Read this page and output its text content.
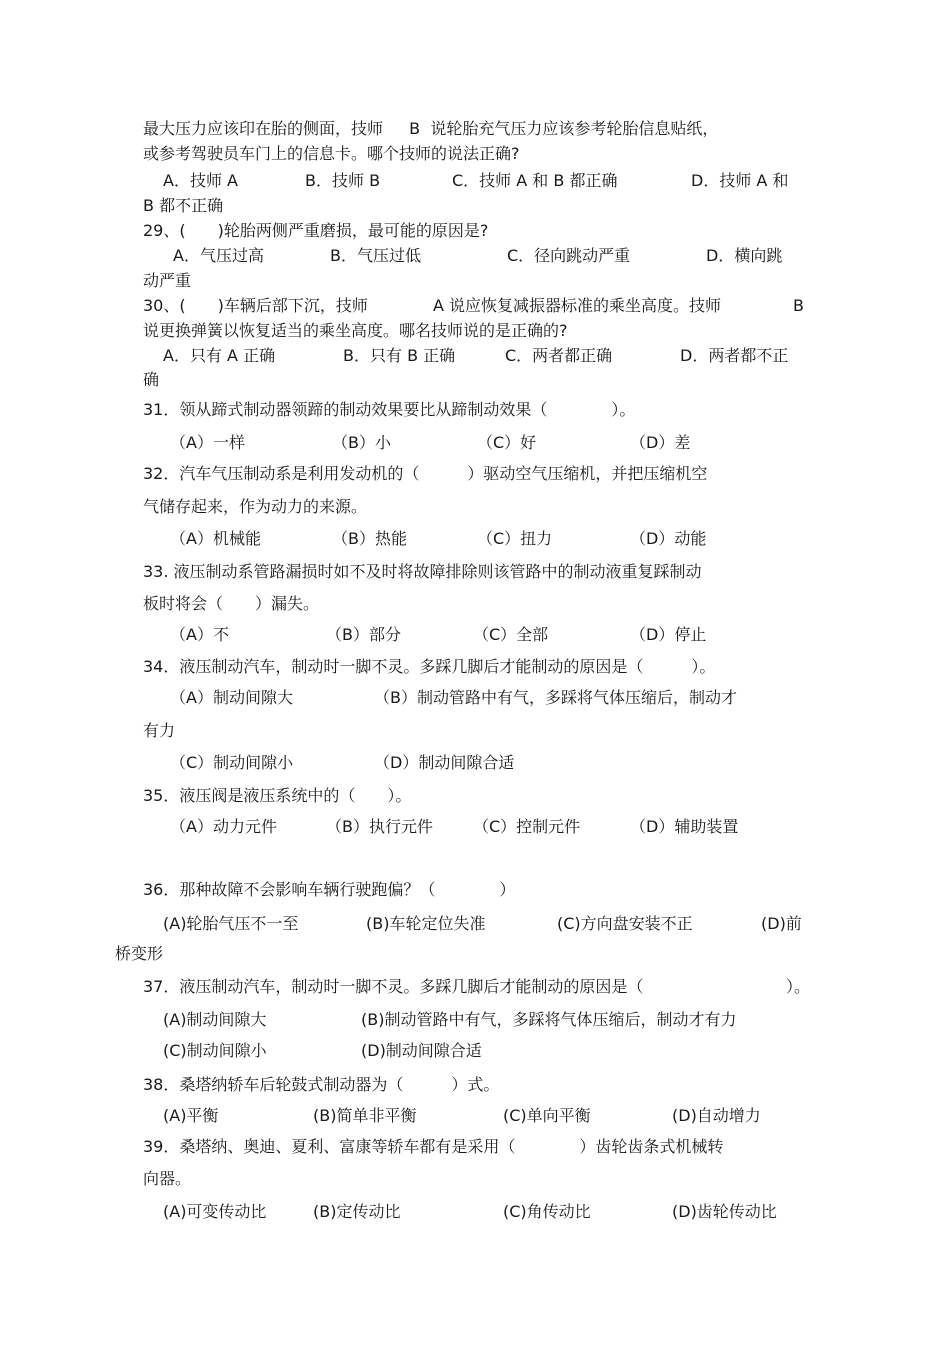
最大压力应该印在胎的侧面，技师　  B  说轮胎充气压力应该参考轮胎信息贴纸，
或参考驾驶员车门上的信息卡。哪个技师的说法正确?
A．技师 A	B．技师 B	C．技师 A 和 B 都正确	D．技师 A 和
B 都不正确
29、(　　)轮胎两侧严重磨损，最可能的原因是?
A．气压过高	B．气压过低	C．径向跳动严重	D．横向跳
动严重
30、(　　)车辆后部下沉，技师	A 说应恢复减振器标准的乘坐高度。技师	B
说更换弹簧以恢复适当的乘坐高度。哪名技师说的是正确的?
A．只有 A 正确	B．只有 B 正确	C．两者都正确	D．两者都不正
确
31．领从蹄式制动器领蹄的制动效果要比从蹄制动效果（　　　　）。
（A）一样	（B）小	（C）好	（D）差
32．汽车气压制动系是利用发动机的（　　　）驱动空气压缩机，并把压缩机空
气储存起来，作为动力的来源。
（A）机械能	（B）热能	（C）扭力	（D）动能
33. 液压制动系管路漏损时如不及时将故障排除则该管路中的制动液重复踩制动
板时将会（　　）漏失。
（A）不	（B）部分	（C）全部	（D）停止
34．液压制动汽车，制动时一脚不灵。多踩几脚后才能制动的原因是（　　　）。
（A）制动间隙大	（B）制动管路中有气，多踩将气体压缩后，制动才
有力
（C）制动间隙小	（D）制动间隙合适
35．液压阀是液压系统中的（　　）。
（A）动力元件	（B）执行元件	（C）控制元件	（D）辅助装置
36．那种故障不会影响车辆行驶跑偏？（　　　　）
(A)轮胎气压不一至	(B)车轮定位失准	(C)方向盘安装不正	(D)前
桥变形
37．液压制动汽车，制动时一脚不灵。多踩几脚后才能制动的原因是（	）。
(A)制动间隙大	(B)制动管路中有气，多踩将气体压缩后，制动才有力
(C)制动间隙小	(D)制动间隙合适
38．桑塔纳轿车后轮鼓式制动器为（　　　）式。
(A)平衡	(B)简单非平衡	(C)单向平衡	(D)自动增力
39．桑塔纳、奥迪、夏利、富康等轿车都有是采用（　　　　）齿轮齿条式机械转
向器。
(A)可变传动比	(B)定传动比	(C)角传动比	(D)齿轮传动比
